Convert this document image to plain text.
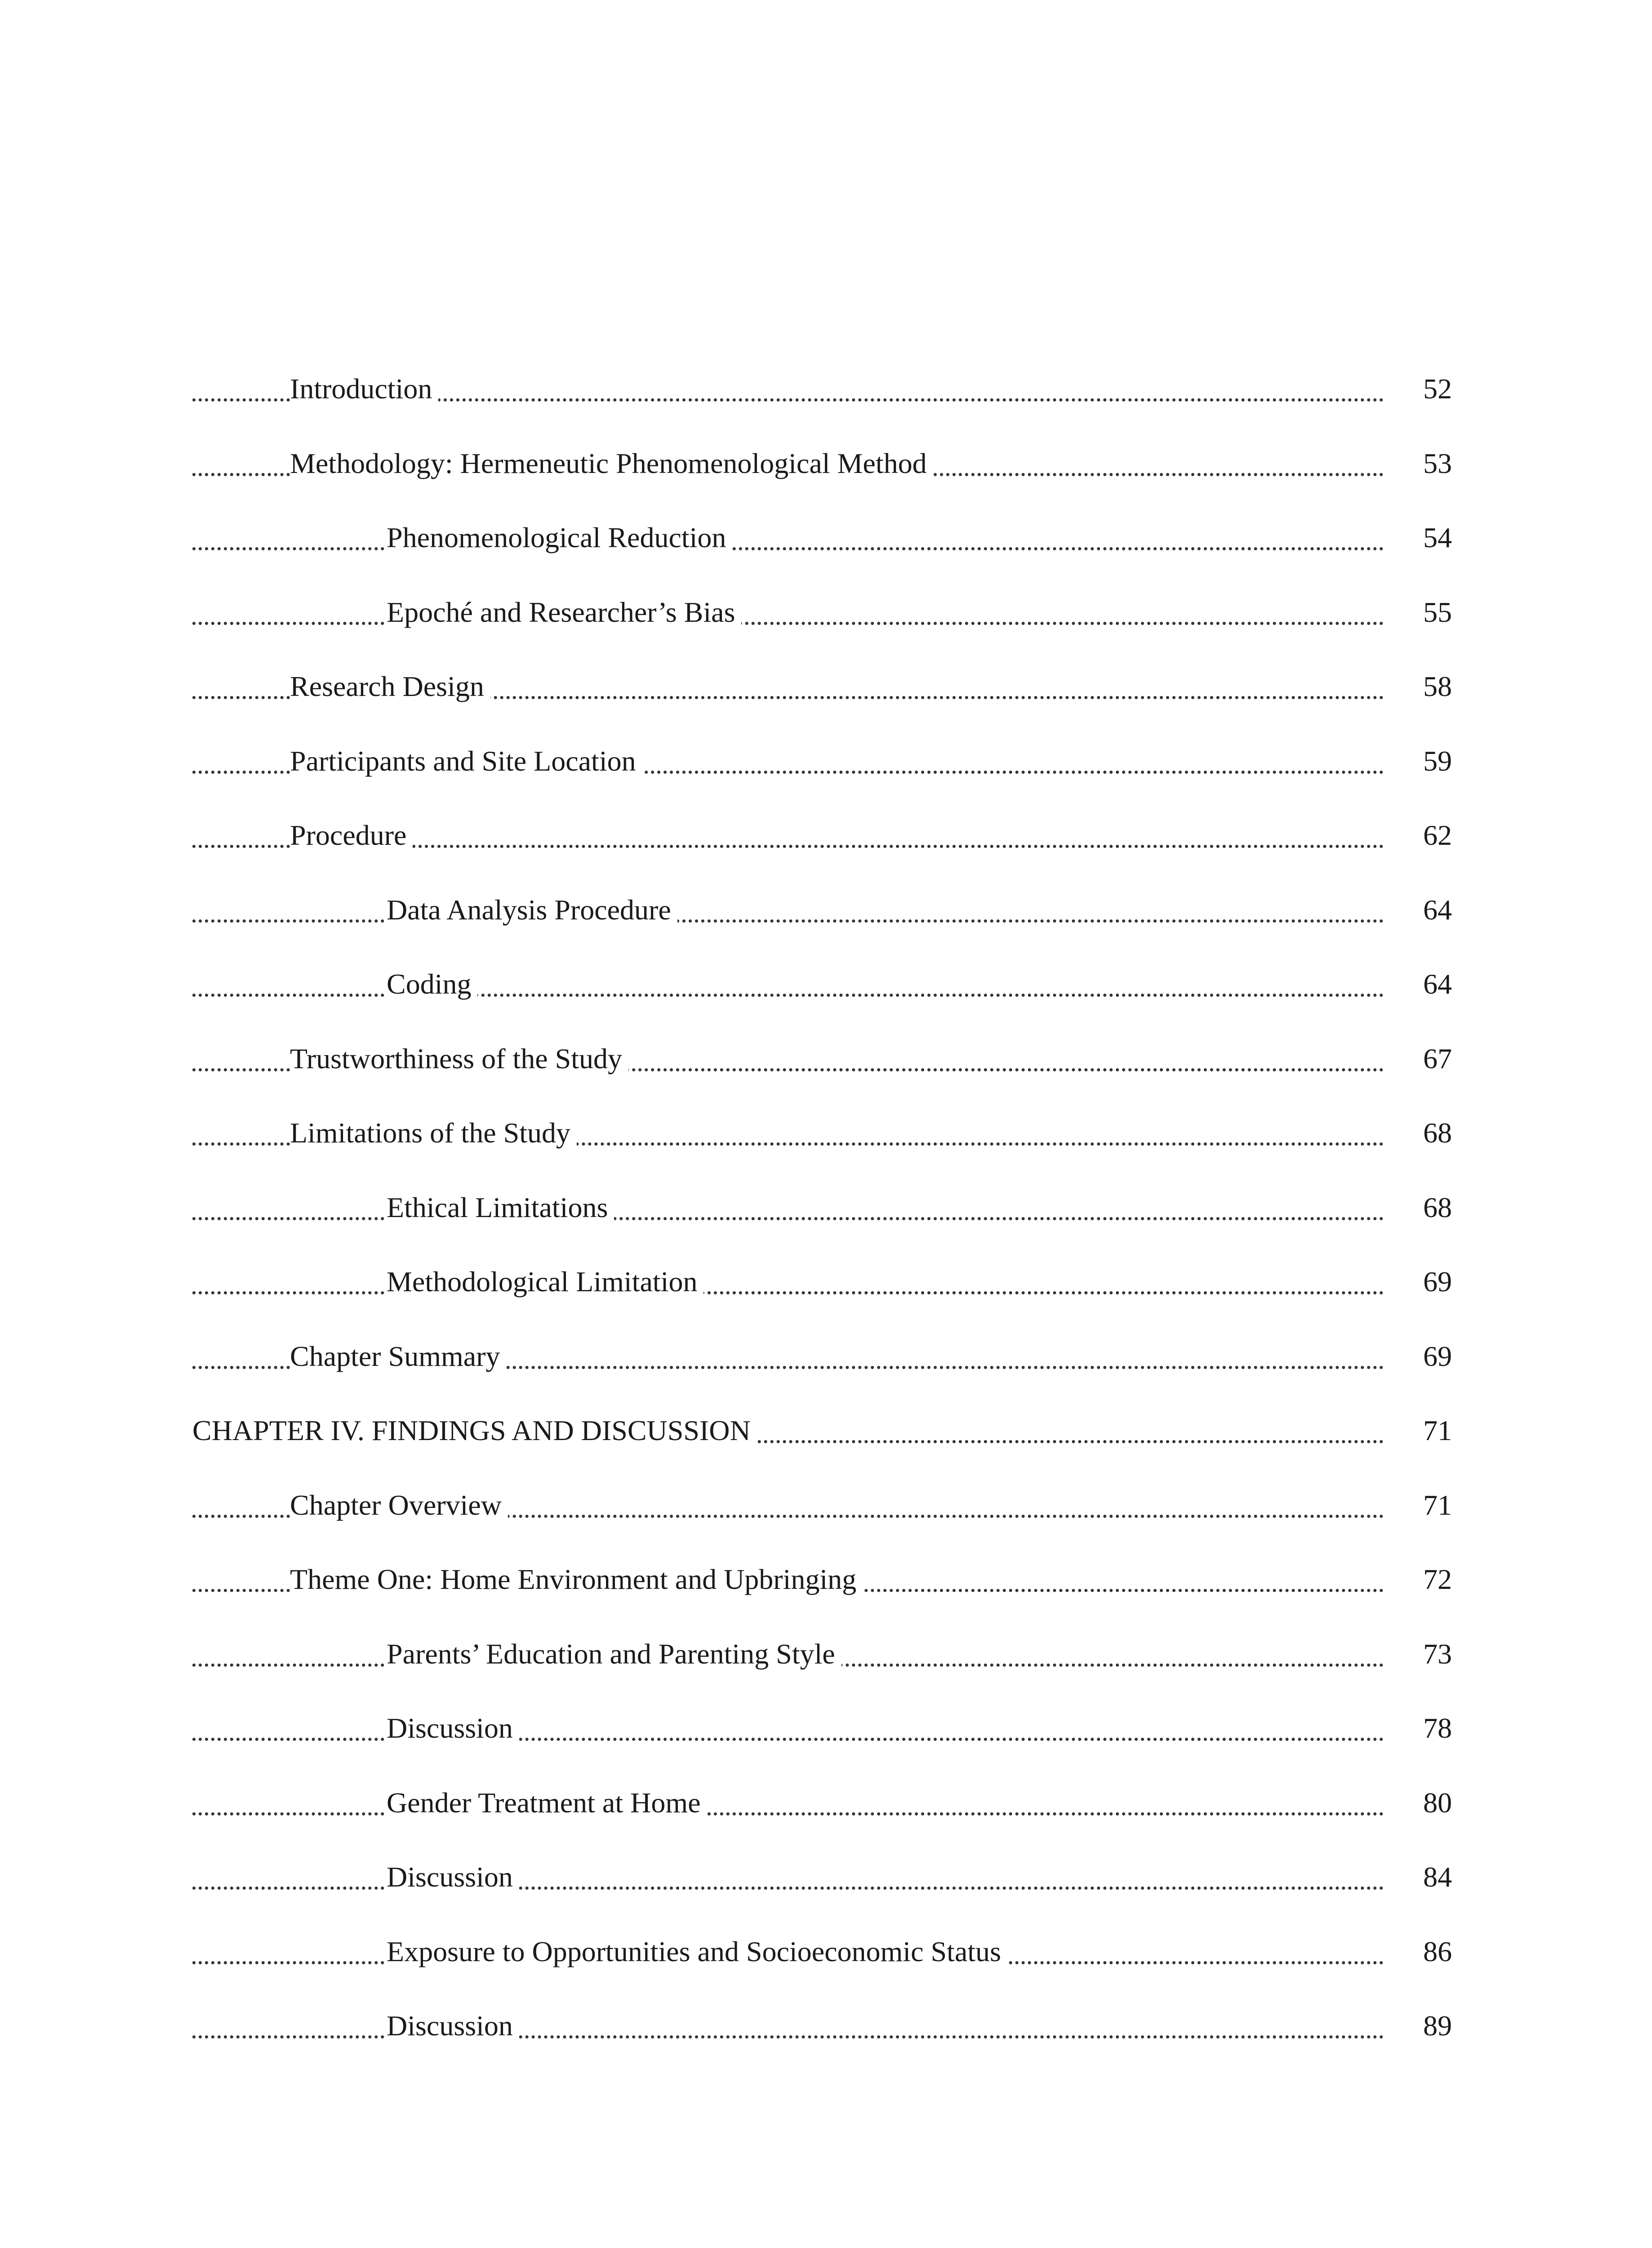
Introduction	52
Methodology: Hermeneutic Phenomenological Method	53
Phenomenological Reduction	54
Epoché and Researcher’s Bias	55
Research Design	58
Participants and Site Location	59
Procedure	62
Data Analysis Procedure	64
Coding	64
Trustworthiness of the Study	67
Limitations of the Study	68
Ethical Limitations	68
Methodological Limitation	69
Chapter Summary	69
CHAPTER IV. FINDINGS AND DISCUSSION	71
Chapter Overview	71
Theme One: Home Environment and Upbringing	72
Parents’ Education and Parenting Style	73
Discussion	78
Gender Treatment at Home	80
Discussion	84
Exposure to Opportunities and Socioeconomic Status	86
Discussion	89
